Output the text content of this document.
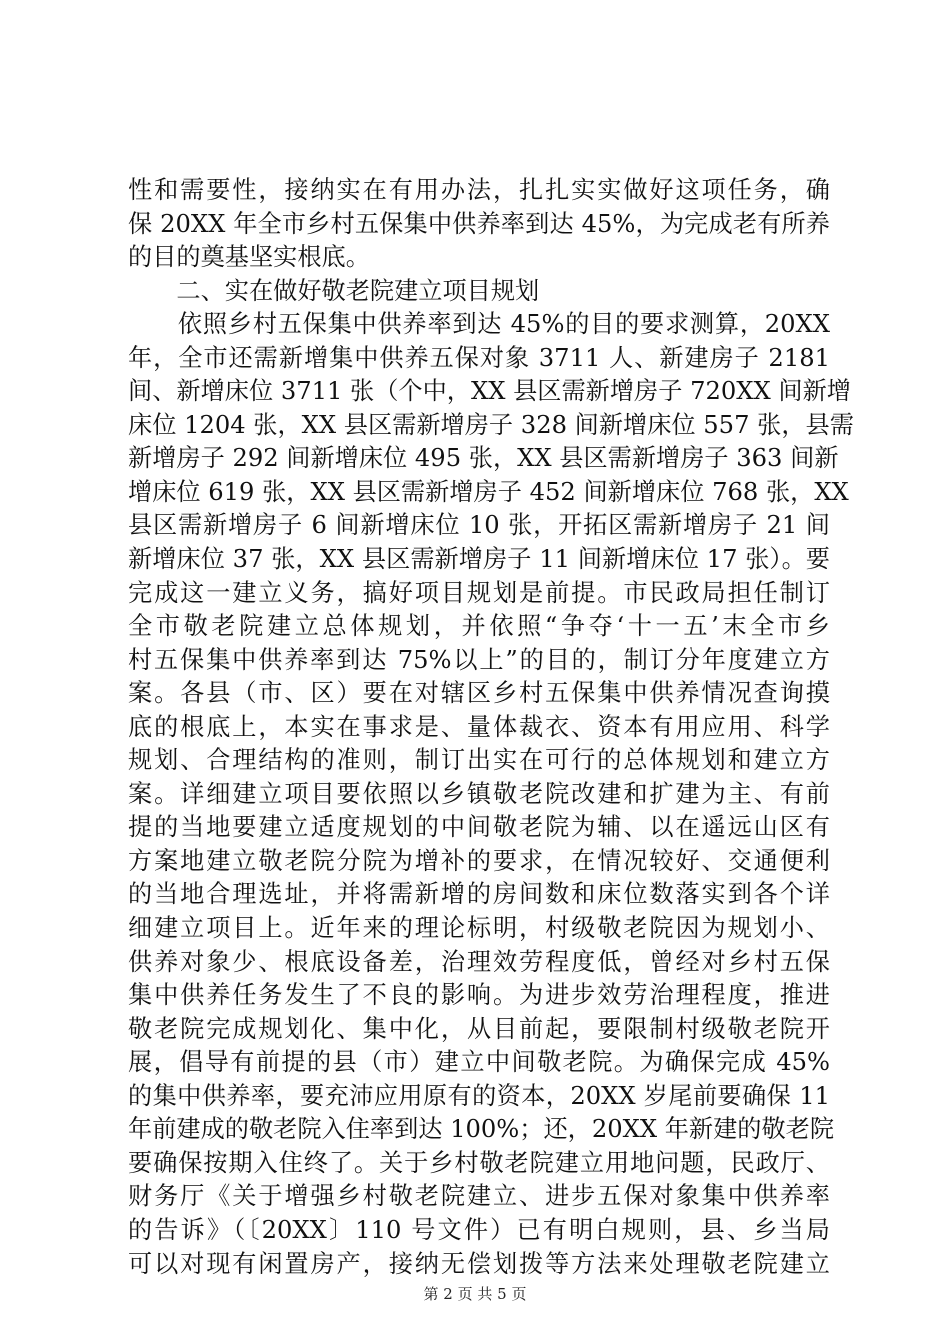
性和需要性，接纳实在有用办法，扎扎实实做好这项任务，确
保 20XX 年全市乡村五保集中供养率到达 45%，为完成老有所养
的目的奠基坚实根底。
　　二、实在做好敬老院建立项目规划
　　依照乡村五保集中供养率到达 45%的目的要求测算，20XX
年，全市还需新增集中供养五保对象 3711 人、新建房子 2181
间、新增床位 3711 张（个中，XX 县区需新增房子 720XX 间新增
床位 1204 张，XX 县区需新增房子 328 间新增床位 557 张，县需
新增房子 292 间新增床位 495 张，XX 县区需新增房子 363 间新
增床位 619 张，XX 县区需新增房子 452 间新增床位 768 张，XX
县区需新增房子 6 间新增床位 10 张，开拓区需新增房子 21 间
新增床位 37 张，XX 县区需新增房子 11 间新增床位 17 张）。要
完成这一建立义务，搞好项目规划是前提。市民政局担任制订
全市敬老院建立总体规划，并依照“争夺‘十一五’末全市乡
村五保集中供养率到达 75%以上”的目的，制订分年度建立方
案。各县（市、区）要在对辖区乡村五保集中供养情况查询摸
底的根底上，本实在事求是、量体裁衣、资本有用应用、科学
规划、合理结构的准则，制订出实在可行的总体规划和建立方
案。详细建立项目要依照以乡镇敬老院改建和扩建为主、有前
提的当地要建立适度规划的中间敬老院为辅、以在遥远山区有
方案地建立敬老院分院为增补的要求，在情况较好、交通便利
的当地合理选址，并将需新增的房间数和床位数落实到各个详
细建立项目上。近年来的理论标明，村级敬老院因为规划小、
供养对象少、根底设备差，治理效劳程度低，曾经对乡村五保
集中供养任务发生了不良的影响。为进步效劳治理程度，推进
敬老院完成规划化、集中化，从目前起，要限制村级敬老院开
展，倡导有前提的县（市）建立中间敬老院。为确保完成 45%
的集中供养率，要充沛应用原有的资本，20XX 岁尾前要确保 11
年前建成的敬老院入住率到达 100%；还，20XX 年新建的敬老院
要确保按期入住终了。关于乡村敬老院建立用地问题，民政厅、
财务厅《关于增强乡村敬老院建立、进步五保对象集中供养率
的告诉》（〔20XX〕110 号文件）已有明白规则，县、乡当局
可以对现有闲置房产，接纳无偿划拨等方法来处理敬老院建立
第 2 页 共 5 页
